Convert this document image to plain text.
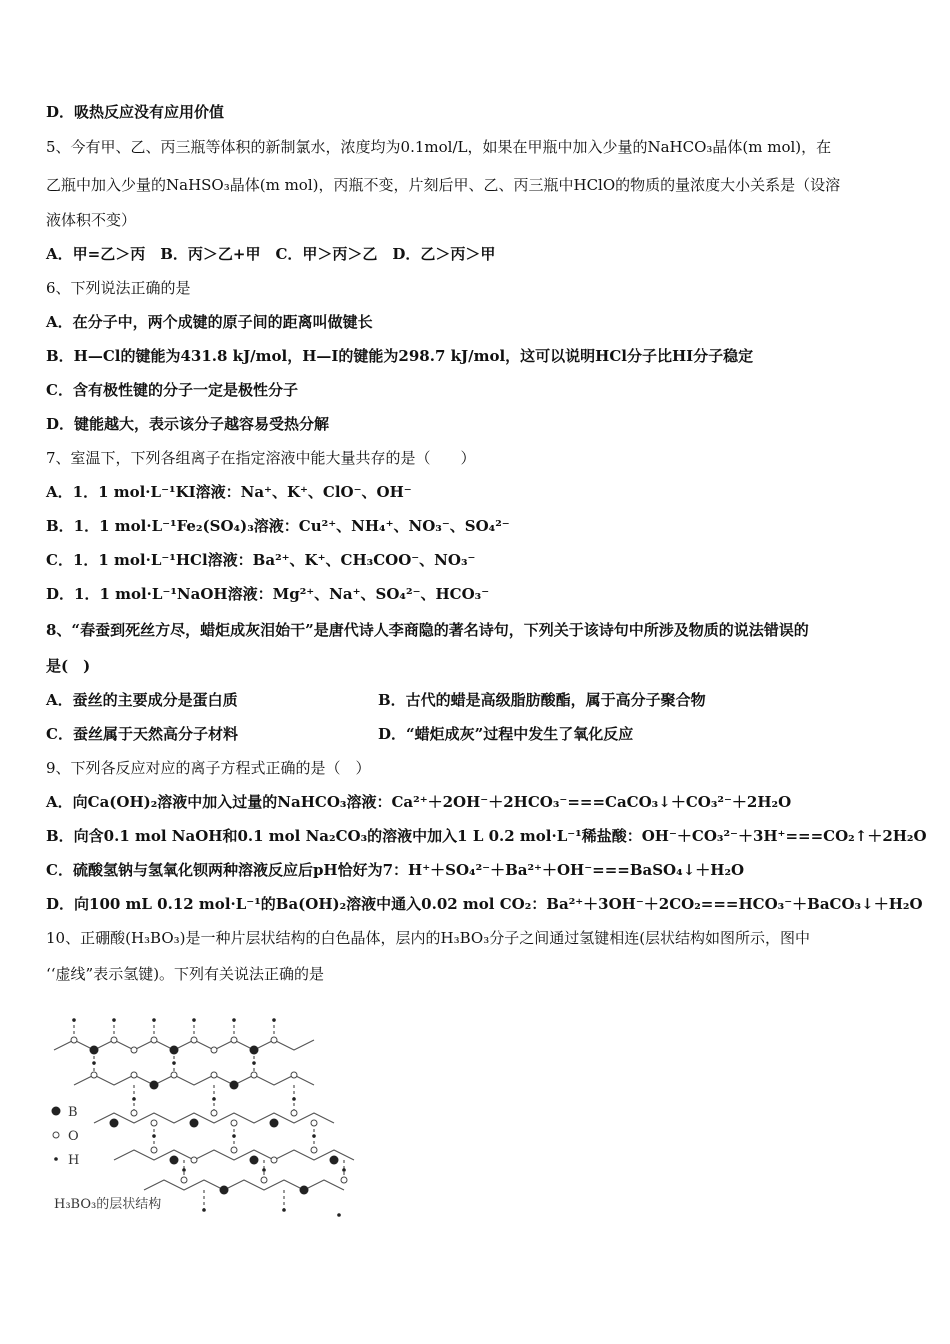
D．吸热反应没有应用价值
5、今有甲、乙、丙三瓶等体积的新制氯水，浓度均为0.1mol/L，如果在甲瓶中加入少量的NaHCO₃晶体(m mol)，在
乙瓶中加入少量的NaHSO₃晶体(m mol)，丙瓶不变，片刻后甲、乙、丙三瓶中HClO的物质的量浓度大小关系是（设溶
液体积不变）
A．甲=乙＞丙　B．丙＞乙+甲　C．甲＞丙＞乙　D．乙＞丙＞甲
6、下列说法正确的是
A．在分子中，两个成键的原子间的距离叫做键长
B．H—Cl的键能为431.8 kJ/mol，H—I的键能为298.7 kJ/mol，这可以说明HCl分子比HI分子稳定
C．含有极性键的分子一定是极性分子
D．键能越大，表示该分子越容易受热分解
7、室温下，下列各组离子在指定溶液中能大量共存的是（　　）
A．1．1 mol·L⁻¹KI溶液：Na⁺、K⁺、ClO⁻、OH⁻
B．1．1 mol·L⁻¹Fe₂(SO₄)₃溶液：Cu²⁺、NH₄⁺、NO₃⁻、SO₄²⁻
C．1．1 mol·L⁻¹HCl溶液：Ba²⁺、K⁺、CH₃COO⁻、NO₃⁻
D．1．1 mol·L⁻¹NaOH溶液：Mg²⁺、Na⁺、SO₄²⁻、HCO₃⁻
8、“春蚕到死丝方尽，蜡炬成灰泪始干”是唐代诗人李商隐的著名诗句，下列关于该诗句中所涉及物质的说法错误的
是(　)
A．蚕丝的主要成分是蛋白质	B．古代的蜡是高级脂肪酸酯，属于高分子聚合物
C．蚕丝属于天然高分子材料	D．“蜡炬成灰”过程中发生了氧化反应
9、下列各反应对应的离子方程式正确的是（　）
A．向Ca(OH)₂溶液中加入过量的NaHCO₃溶液：Ca²⁺＋2OH⁻＋2HCO₃⁻===CaCO₃↓＋CO₃²⁻＋2H₂O
B．向含0.1 mol NaOH和0.1 mol Na₂CO₃的溶液中加入1 L 0.2 mol·L⁻¹稀盐酸：OH⁻＋CO₃²⁻＋3H⁺===CO₂↑＋2H₂O
C．硫酸氢钠与氢氧化钡两种溶液反应后pH恰好为7：H⁺＋SO₄²⁻＋Ba²⁺＋OH⁻===BaSO₄↓＋H₂O
D．向100 mL 0.12 mol·L⁻¹的Ba(OH)₂溶液中通入0.02 mol CO₂：Ba²⁺＋3OH⁻＋2CO₂===HCO₃⁻＋BaCO₃↓＋H₂O
10、正硼酸(H₃BO₃)是一种片层状结构的白色晶体，层内的H₃BO₃分子之间通过氢键相连(层状结构如图所示，图中
‘‘虚线”表示氢键)。下列有关说法正确的是
B
O
H
H₃BO₃的层状结构
